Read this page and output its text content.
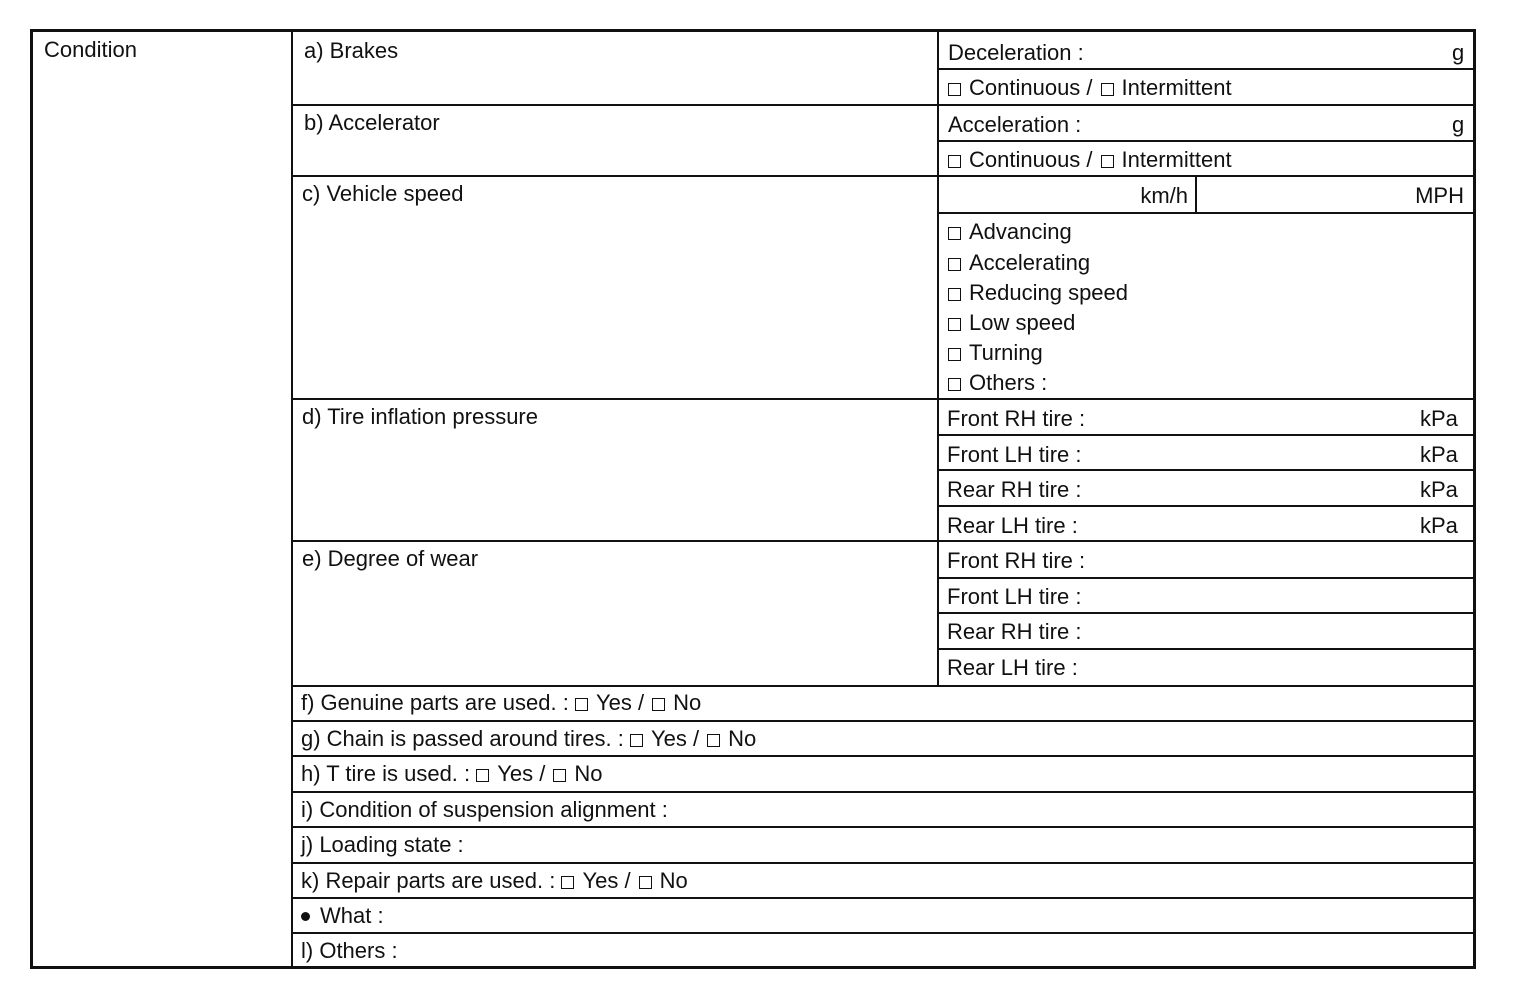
Condition	a) Brakes	Deceleration :	g
Continuous / Intermittent
b) Accelerator	Acceleration :	g
Continuous / Intermittent
c) Vehicle speed	km/h	MPH
Advancing
Accelerating
Reducing speed
Low speed
Turning
Others :
d) Tire inflation pressure	Front RH tire :	kPa
Front LH tire :	kPa
Rear RH tire :	kPa
Rear LH tire :	kPa
e) Degree of wear	Front RH tire :
Front LH tire :
Rear RH tire :
Rear LH tire :
f) Genuine parts are used. : Yes / No
g) Chain is passed around tires. : Yes / No
h) T tire is used. : Yes / No
i) Condition of suspension alignment :
j) Loading state :
k) Repair parts are used. : Yes / No
What :
l) Others :
